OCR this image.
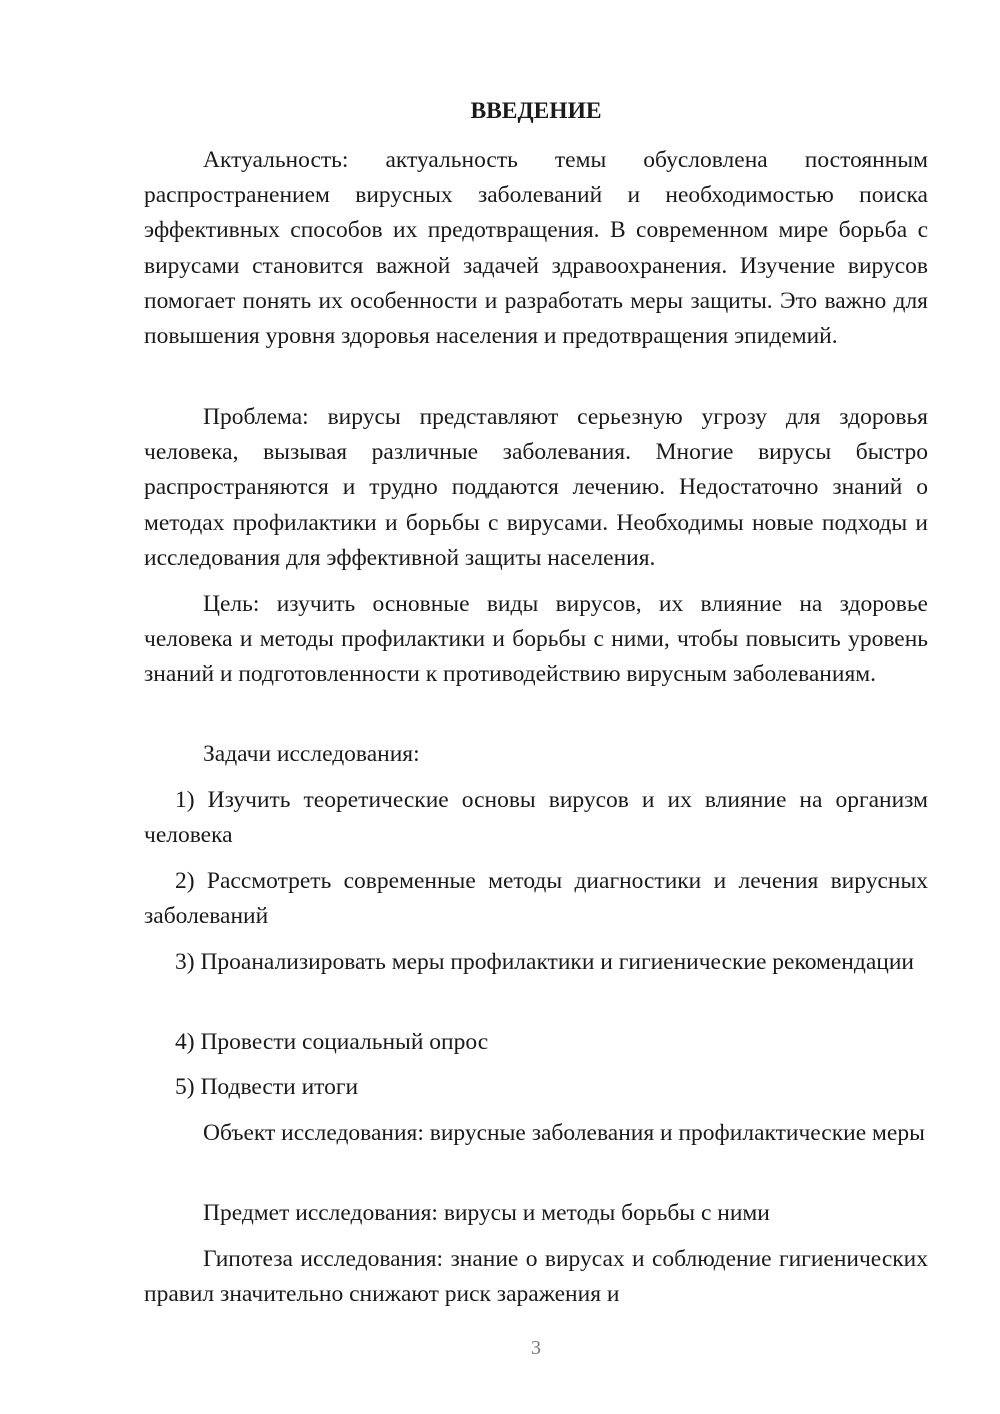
ВВЕДЕНИЕ

Актуальность: актуальность темы обусловлена постоянным распространением вирусных заболеваний и необходимостью поиска эффективных способов их предотвращения. В современном мире борьба с вирусами становится важной задачей здравоохранения. Изучение вирусов помогает понять их особенности и разработать меры защиты. Это важно для повышения уровня здоровья населения и предотвращения эпидемий.

Проблема: вирусы представляют серьезную угрозу для здоровья человека, вызывая различные заболевания. Многие вирусы быстро распространяются и трудно поддаются лечению. Недостаточно знаний о методах профилактики и борьбы с вирусами. Необходимы новые подходы и исследования для эффективной защиты населения.

Цель: изучить основные виды вирусов, их влияние на здоровье человека и методы профилактики и борьбы с ними, чтобы повысить уровень знаний и подготовленности к противодействию вирусным заболеваниям.

Задачи исследования:

1) Изучить теоретические основы вирусов и их влияние на организм человека

2) Рассмотреть современные методы диагностики и лечения вирусных заболеваний

3) Проанализировать меры профилактики и гигиенические рекомендации

4) Провести социальный опрос

5) Подвести итоги

Объект исследования: вирусные заболевания и профилактические меры

Предмет исследования: вирусы и методы борьбы с ними

Гипотеза исследования: знание о вирусах и соблюдение гигиенических правил значительно снижают риск заражения и

3
